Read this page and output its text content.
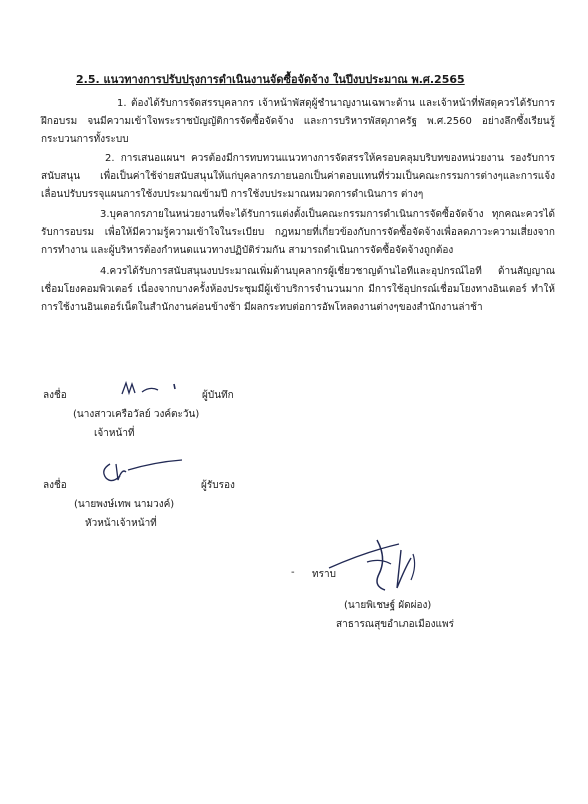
2.5. แนวทางการปรับปรุงการดำเนินงานจัดซื้อจัดจ้าง ในปีงบประมาณ พ.ศ.2565

1. ต้องได้รับการจัดสรรบุคลากร เจ้าหน้าพัสดุผู้ชำนาญงานเฉพาะด้าน และเจ้าหน้าที่พัสดุควรได้รับการฝึกอบรม จนมีความเข้าใจพระราชบัญญัติการจัดซื้อจัดจ้าง และการบริหารพัสดุภาครัฐ พ.ศ.2560 อย่างลึกซึ้งเรียนรู้กระบวนการทั้งระบบ

2. การเสนอแผนฯ ควรต้องมีการทบทวนแนวทางการจัดสรรให้ครอบคลุมบริบทของหน่วยงาน รองรับการสนับสนุน เพื่อเป็นค่าใช้จ่ายสนับสนุนให้แก่บุคลากรภายนอกเป็นค่าตอบแทนที่ร่วมเป็นคณะกรรมการต่างๆและการแจ้งเลื่อนปรับบรรจุแผนการใช้งบประมาณข้ามปี การใช้งบประมาณหมวดการดำเนินการ ต่างๆ

3.บุคลากรภายในหน่วยงานที่จะได้รับการแต่งตั้งเป็นคณะกรรมการดำเนินการจัดซื้อจัดจ้าง ทุกคณะควรได้รับการอบรม เพื่อให้มีความรู้ความเข้าใจในระเบียบ กฎหมายที่เกี่ยวข้องกับการจัดซื้อจัดจ้างเพื่อลดภาวะความเสี่ยงจากการทำงาน และผู้บริหารต้องกำหนดแนวทางปฏิบัติร่วมกัน สามารถดำเนินการจัดซื้อจัดจ้างถูกต้อง

4.ควรได้รับการสนับสนุนงบประมาณเพิ่มด้านบุคลากรผู้เชี่ยวชาญด้านไอทีและอุปกรณ์ไอที ด้านสัญญาณเชื่อมโยงคอมพิวเตอร์ เนื่องจากบางครั้งห้องประชุมมีผู้เข้าบริการจำนวนมาก มีการใช้อุปกรณ์เชื่อมโยงทางอินเตอร์ ทำให้การใช้งานอินเตอร์เน็ตในสำนักงานค่อนข้างช้า มีผลกระทบต่อการอัพโหลดงานต่างๆของสำนักงานล่าช้า

ลงชื่อ	ผู้บันทึก
(นางสาวเครือวัลย์ วงค์ตะวัน)
เจ้าหน้าที่
ลงชื่อ	ผู้รับรอง
(นายพงษ์เทพ นามวงค์)
หัวหน้าเจ้าหน้าที่
- ทราบ
(นายพิเชษฐ์ ผัดผ่อง)
สาธารณสุขอำเภอเมืองแพร่
